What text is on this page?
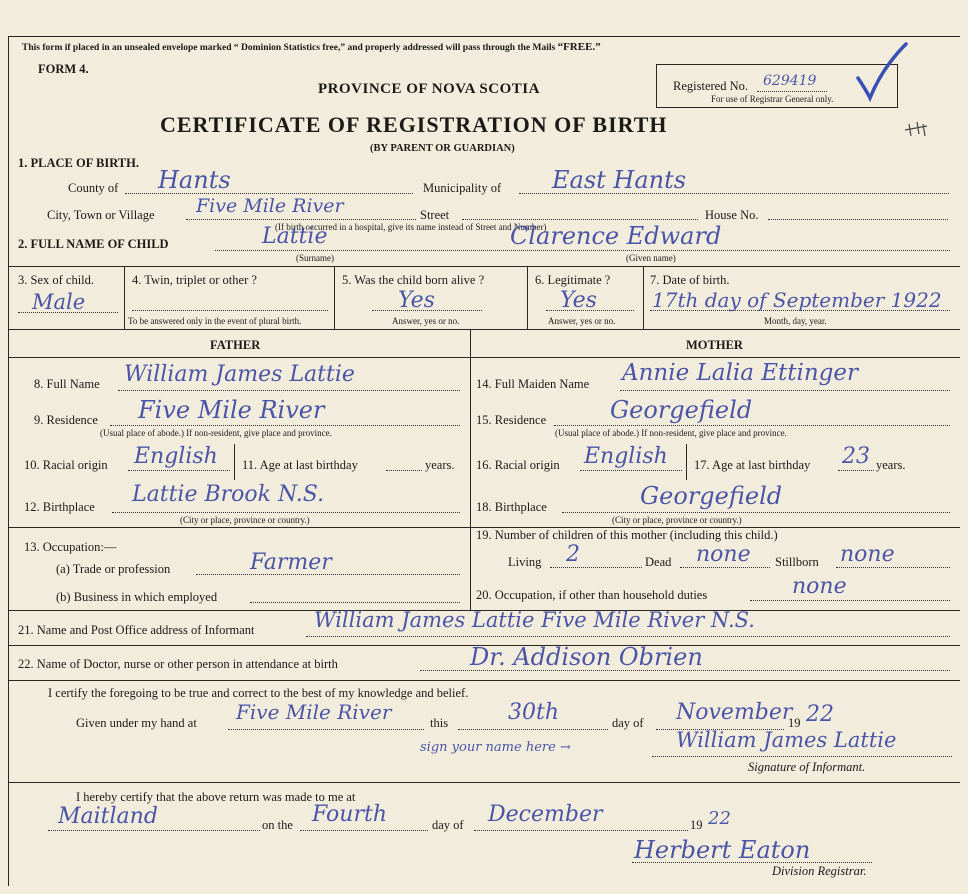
This form if placed in an unsealed envelope marked “ Dominion Statistics free,” and properly addressed will pass through the Mails “FREE.”
FORM 4.
PROVINCE OF NOVA SCOTIA	Registered No. 629419
For use of Registrar General only.
CERTIFICATE OF REGISTRATION OF BIRTH
(BY PARENT OR GUARDIAN)
1. PLACE OF BIRTH.
County of Hants	Municipality of East Hants
City, Town or Village Five Mile River	Street	House No.
(If birth occurred in a hospital, give its name instead of Street and Number)
2. FULL NAME OF CHILD	Lattie	Clarence Edward
(Surname)	(Given name)
3. Sex of child.
Male
4. Twin, triplet or other ?
To be answered only in the event of plural birth.
5. Was the child born alive ?
Yes
Answer, yes or no.
6. Legitimate ?
Yes
Answer, yes or no.
7. Date of birth.
17th day of September 1922
Month, day, year.
FATHER	MOTHER
8. Full Name William James Lattie
9. Residence Five Mile River
(Usual place of abode.) If non-resident, give place and province.
10. Racial origin English 11. Age at last birthday	years.
12. Birthplace Lattie Brook N.S.
(City or place, province or country.)
13. Occupation:—
(a) Trade or profession	Farmer
(b) Business in which employed
14. Full Maiden Name Annie Lalia Ettinger
15. Residence	Georgefield
(Usual place of abode.) If non-resident, give place and province.
16. Racial origin English 17. Age at last birthday 23 years.
18. Birthplace	Georgefield
(City or place, province or country.)
19. Number of children of this mother (including this child.)
Living 2	Dead none Stillborn none
20. Occupation, if other than household duties	none
21. Name and Post Office address of Informant	William James Lattie Five Mile River N.S.
22. Name of Doctor, nurse or other person in attendance at birth	Dr. Addison Obrien
I certify the foregoing to be true and correct to the best of my knowledge and belief.
Given under my hand at Five Mile River	this	30th	day of November
19 22
sign your name here →	William James Lattie
Signature of Informant.
I hereby certify that the above return was made to me at
Maitland	on the Fourth	day of December	19 22
Herbert Eaton
Division Registrar.
